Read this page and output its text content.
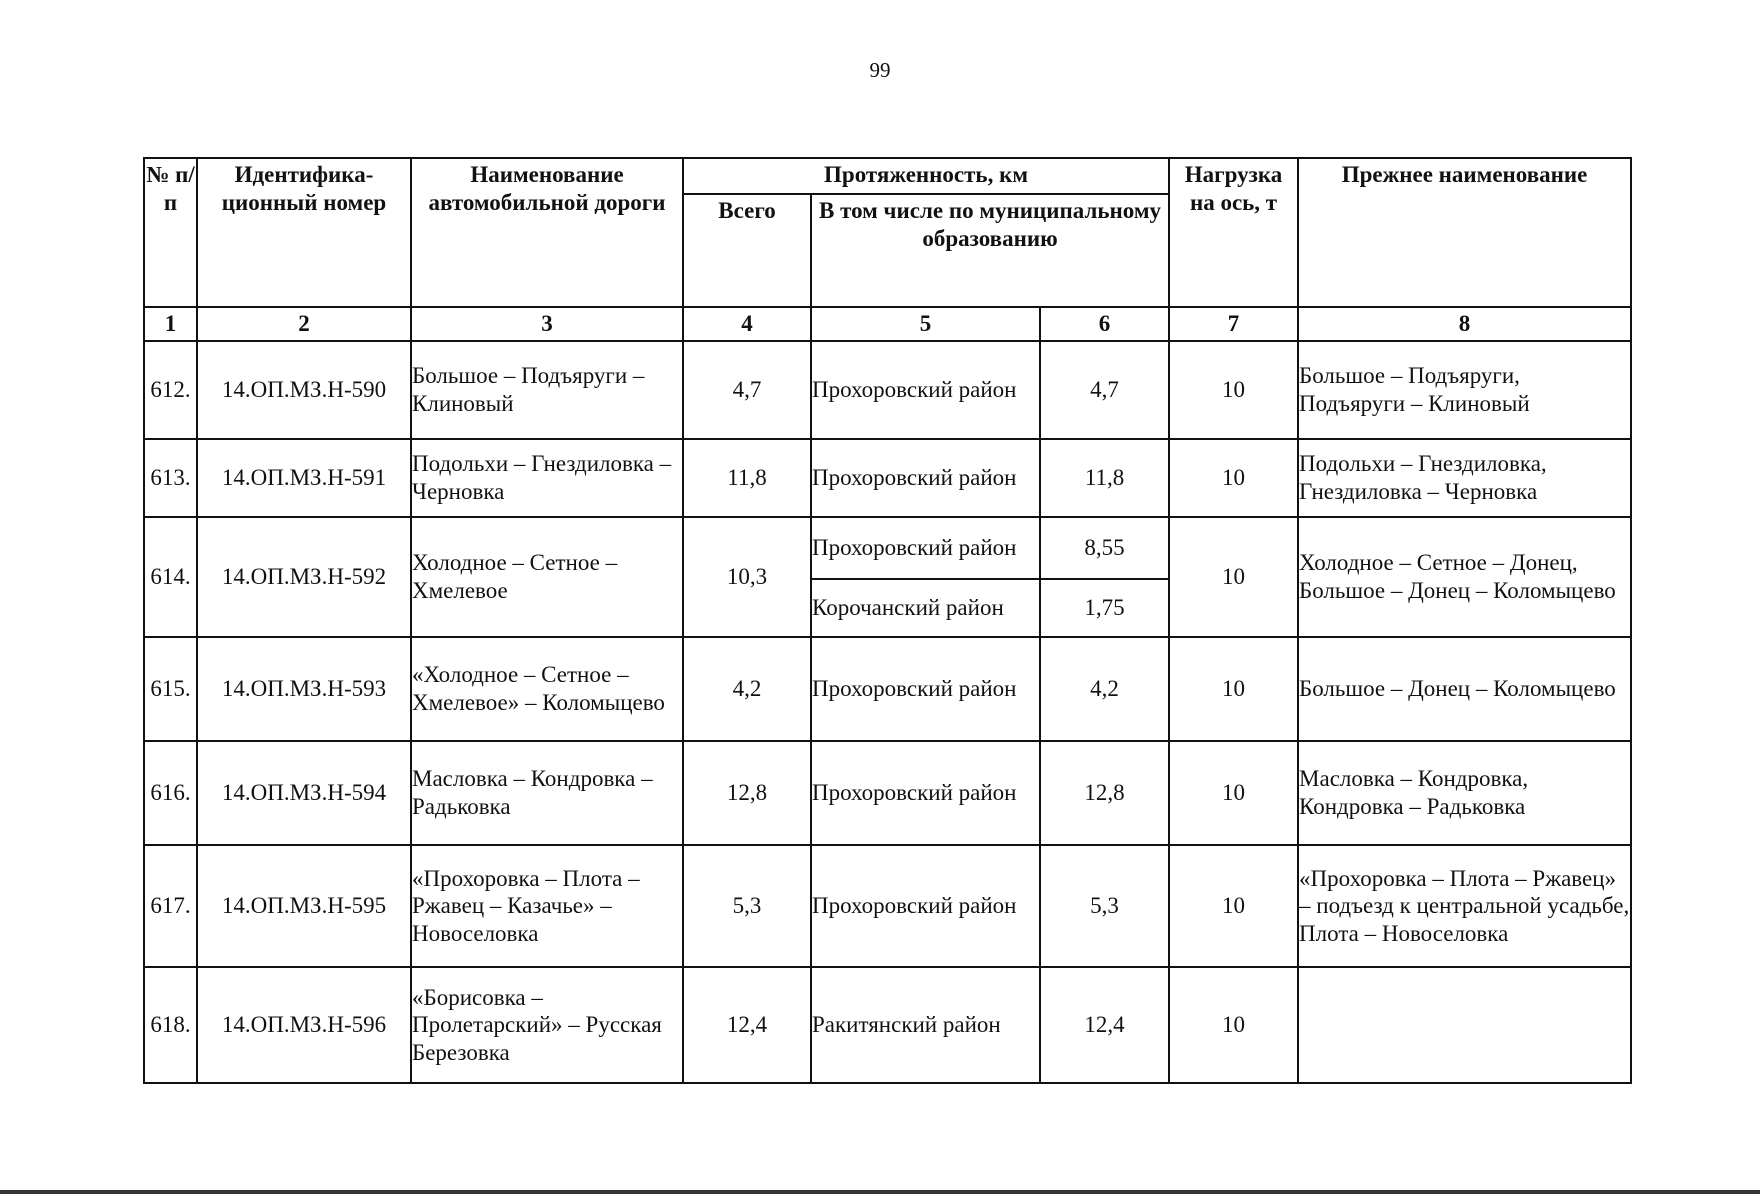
99
№ п/п	Идентифика-ционный номер	Наименование автомобильной дороги	Протяженность, км			Нагрузка на ось, т	Прежнее наименование
			Всего	В том числе по муниципальному образованию			
1	2	3	4	5	6	7	8
612.	14.ОП.МЗ.Н-590	Большое – Подъяруги – Клиновый	4,7	Прохоровский район	4,7	10	Большое – Подъяруги, Подъяруги – Клиновый
613.	14.ОП.МЗ.Н-591	Подольхи – Гнездиловка – Черновка	11,8	Прохоровский район	11,8	10	Подольхи – Гнездиловка, Гнездиловка – Черновка
614.	14.ОП.МЗ.Н-592	Холодное – Сетное – Хмелевое	10,3	Прохоровский район	8,55	10	Холодное – Сетное – Донец, Большое – Донец – Коломыцево
				Корочанский район	1,75		
615.	14.ОП.МЗ.Н-593	«Холодное – Сетное – Хмелевое» – Коломыцево	4,2	Прохоровский район	4,2	10	Большое – Донец – Коломыцево
616.	14.ОП.МЗ.Н-594	Масловка – Кондровка – Радьковка	12,8	Прохоровский район	12,8	10	Масловка – Кондровка, Кондровка – Радьковка
617.	14.ОП.МЗ.Н-595	«Прохоровка – Плота – Ржавец – Казачье» – Новоселовка	5,3	Прохоровский район	5,3	10	«Прохоровка – Плота – Ржавец» – подъезд к центральной усадьбе, Плота – Новоселовка
618.	14.ОП.МЗ.Н-596	«Борисовка – Пролетарский» – Русская Березовка	12,4	Ракитянский район	12,4	10	
